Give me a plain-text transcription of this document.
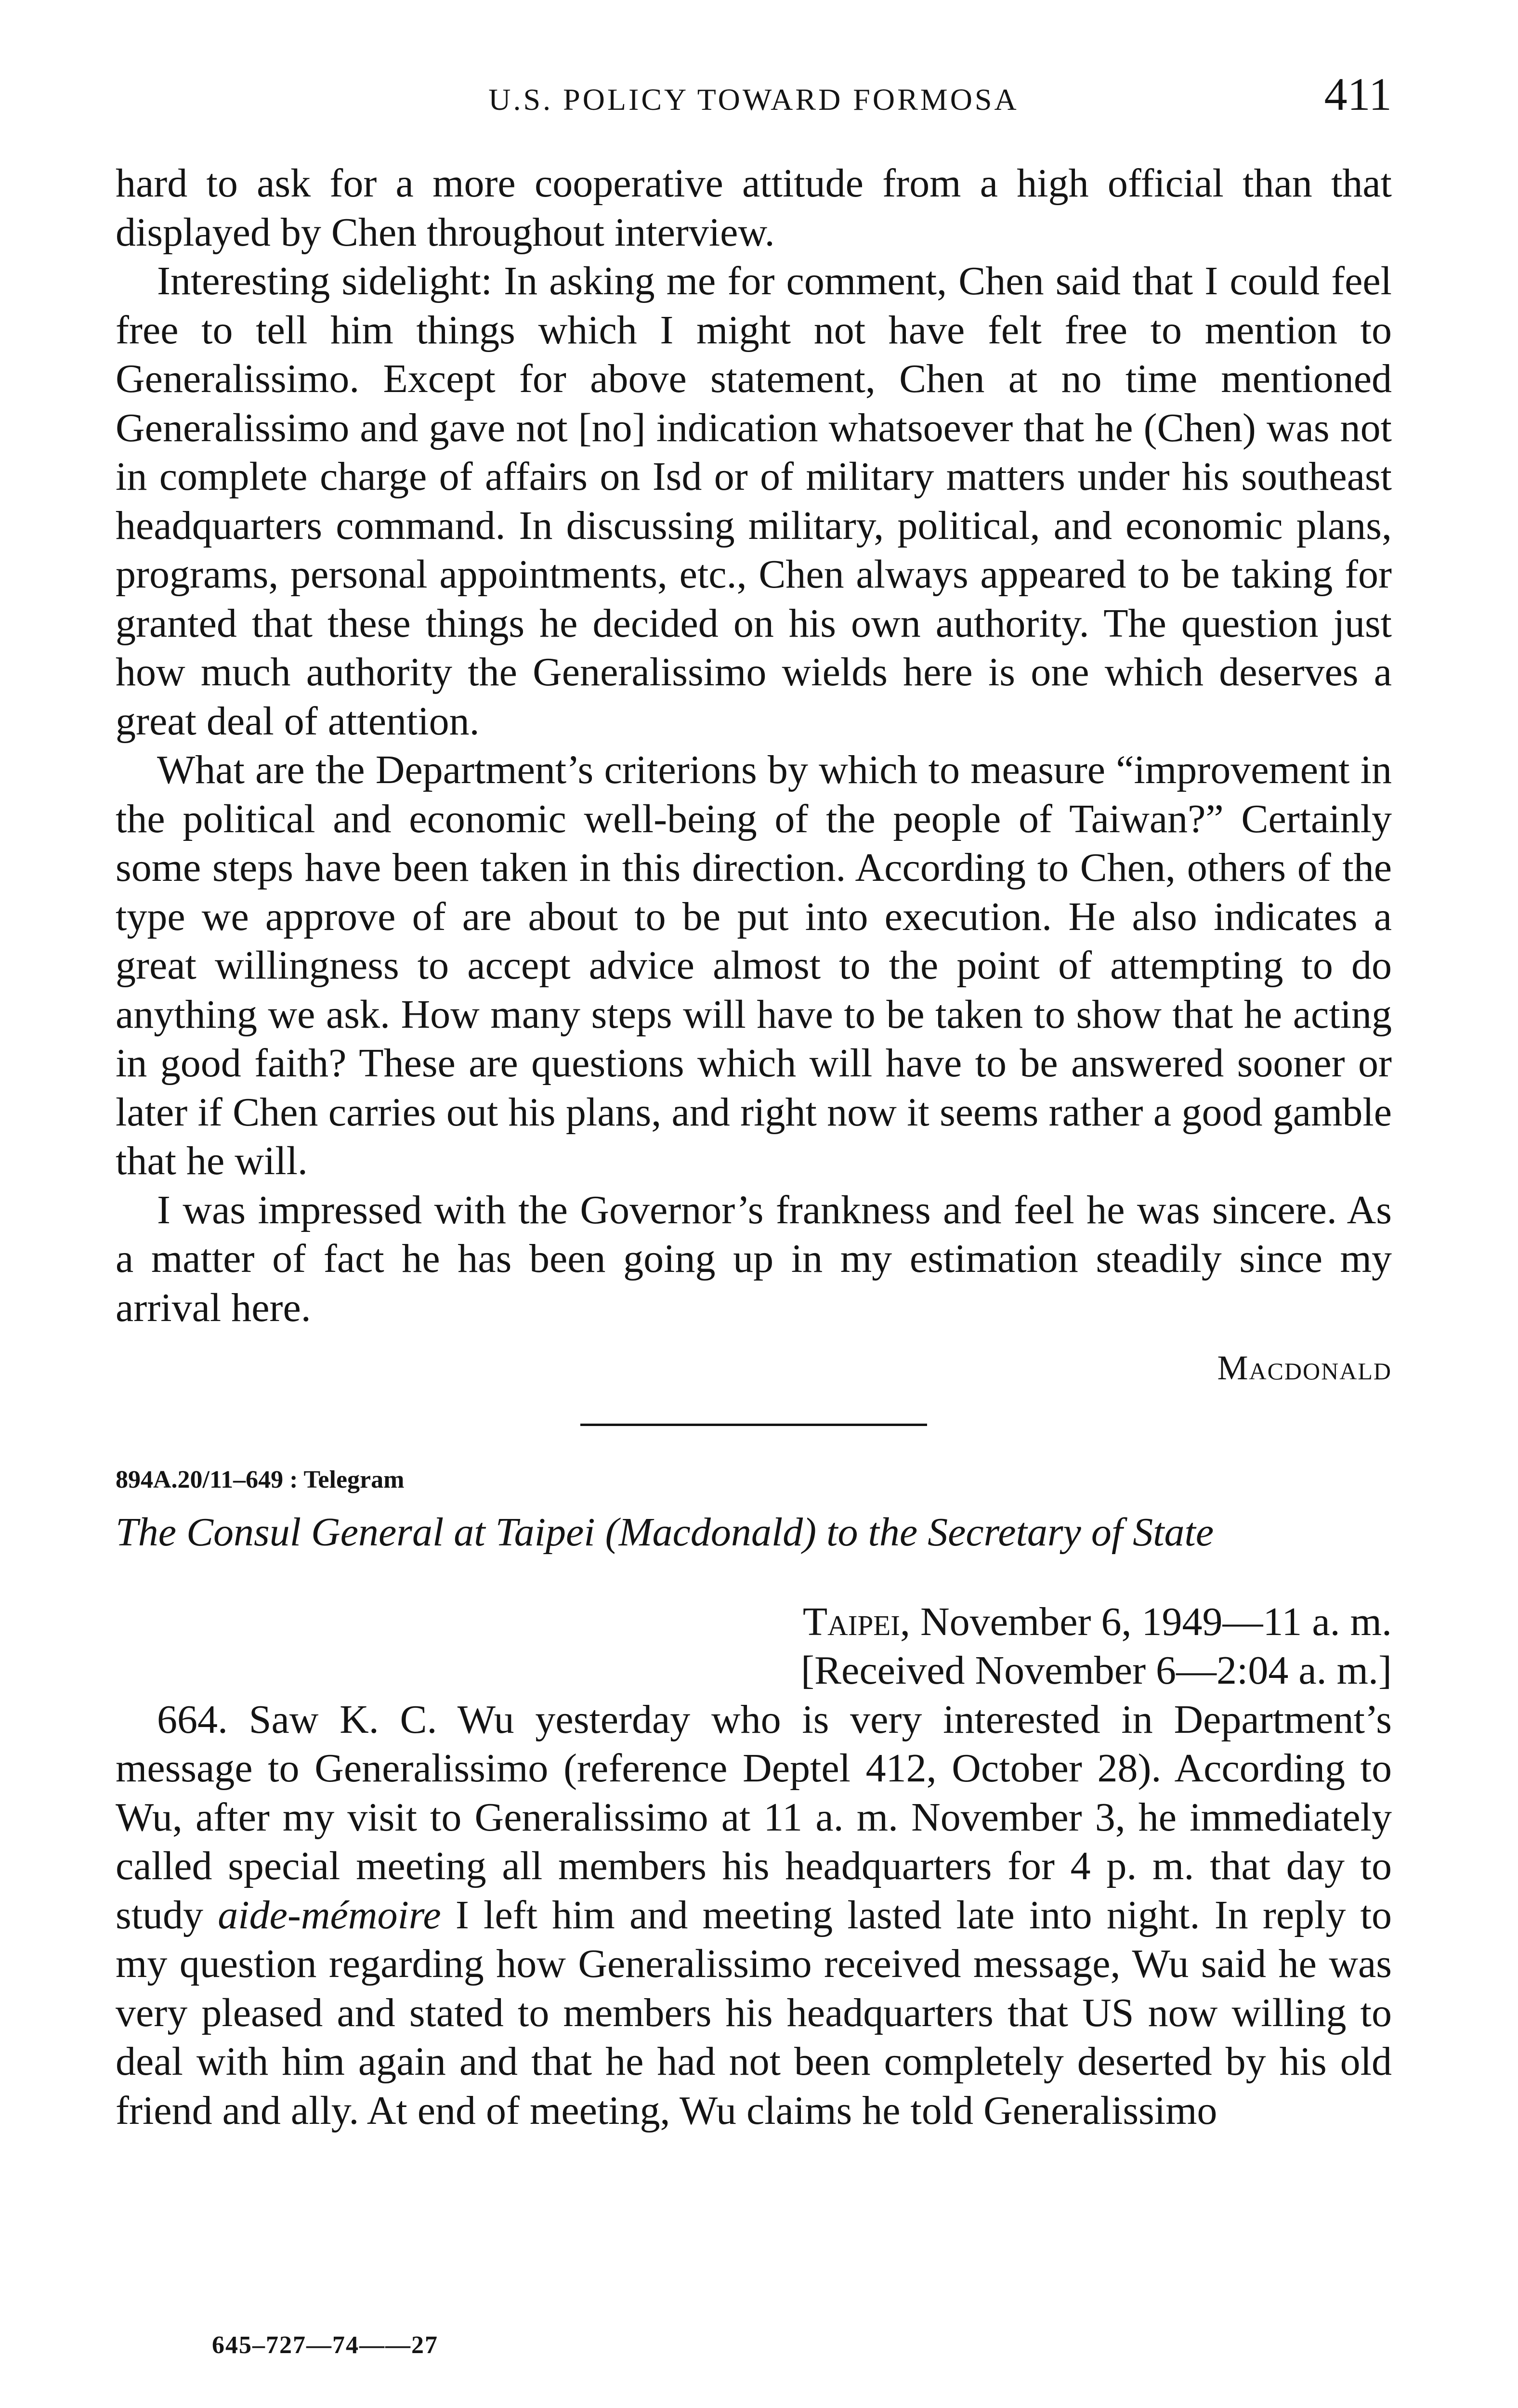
U.S. POLICY TOWARD FORMOSA	411

hard to ask for a more cooperative attitude from a high official than that displayed by Chen throughout interview.

Interesting sidelight: In asking me for comment, Chen said that I could feel free to tell him things which I might not have felt free to mention to Generalissimo. Except for above statement, Chen at no time mentioned Generalissimo and gave not [no] indication whatsoever that he (Chen) was not in complete charge of affairs on Isd or of military matters under his southeast headquarters command. In discussing military, political, and economic plans, programs, personal appointments, etc., Chen always appeared to be taking for granted that these things he decided on his own authority. The question just how much authority the Generalissimo wields here is one which deserves a great deal of attention.

What are the Department’s criterions by which to measure “improvement in the political and economic well-being of the people of Taiwan?” Certainly some steps have been taken in this direction. According to Chen, others of the type we approve of are about to be put into execution. He also indicates a great willingness to accept advice almost to the point of attempting to do anything we ask. How many steps will have to be taken to show that he acting in good faith? These are questions which will have to be answered sooner or later if Chen carries out his plans, and right now it seems rather a good gamble that he will.

I was impressed with the Governor’s frankness and feel he was sincere. As a matter of fact he has been going up in my estimation steadily since my arrival here.

Macdonald
894A.20/11–649 : Telegram
The Consul General at Taipei (Macdonald) to the Secretary of State
Taipei, November 6, 1949—11 a. m.
[Received November 6—2:04 a. m.]

664. Saw K. C. Wu yesterday who is very interested in Department’s message to Generalissimo (reference Deptel 412, October 28). According to Wu, after my visit to Generalissimo at 11 a. m. November 3, he immediately called special meeting all members his headquarters for 4 p. m. that day to study aide-mémoire I left him and meeting lasted late into night. In reply to my question regarding how Generalissimo received message, Wu said he was very pleased and stated to members his headquarters that US now willing to deal with him again and that he had not been completely deserted by his old friend and ally. At end of meeting, Wu claims he told Generalissimo

645–727—74——27
